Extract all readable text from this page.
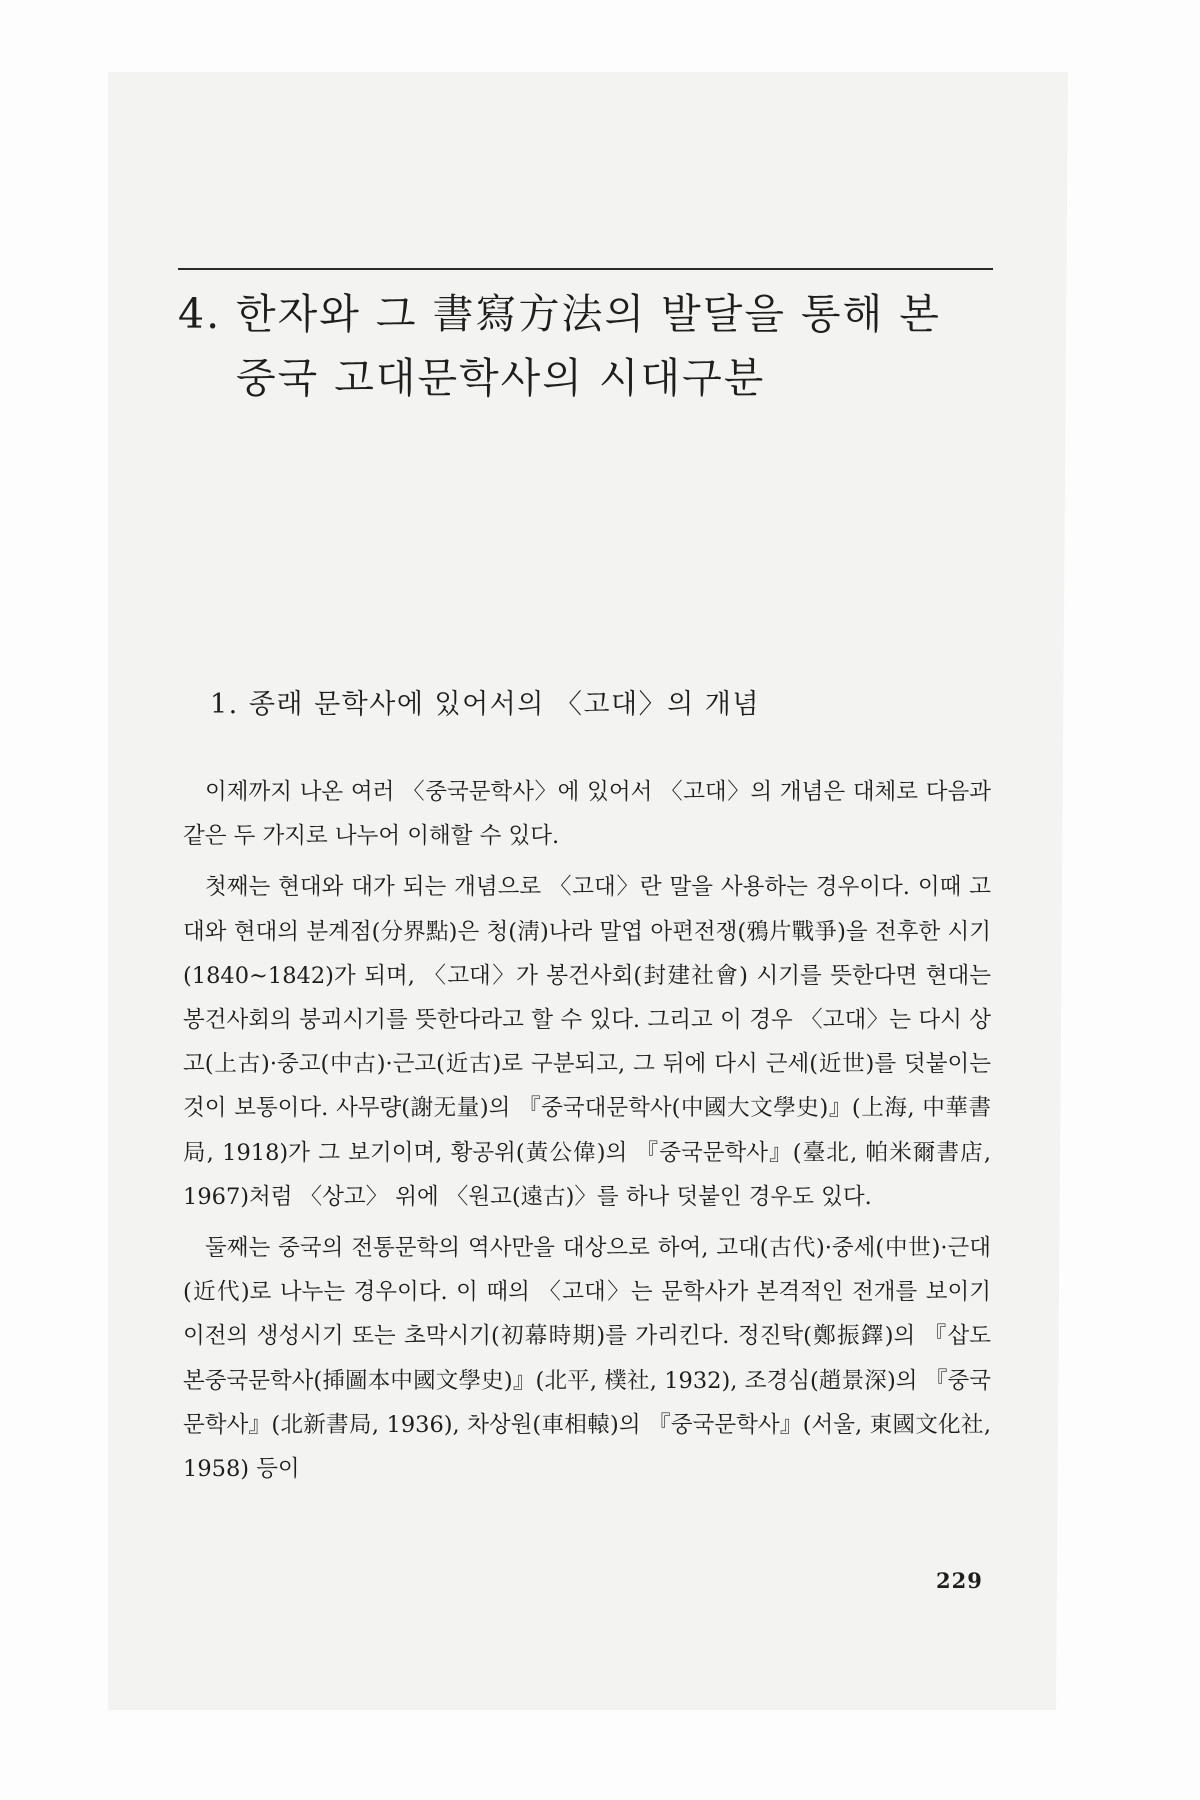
4. 한자와 그 書寫方法의 발달을 통해 본
중국 고대문학사의 시대구분
1. 종래 문학사에 있어서의 〈고대〉의 개념

이제까지 나온 여러 〈중국문학사〉에 있어서 〈고대〉의 개념은 대체로 다음과 같은 두 가지로 나누어 이해할 수 있다.

첫째는 현대와 대가 되는 개념으로 〈고대〉란 말을 사용하는 경우이다. 이때 고대와 현대의 분계점(分界點)은 청(淸)나라 말엽 아편전쟁(鴉片戰爭)을 전후한 시기(1840~1842)가 되며, 〈고대〉가 봉건사회(封建社會) 시기를 뜻한다면 현대는 봉건사회의 붕괴시기를 뜻한다라고 할 수 있다. 그리고 이 경우 〈고대〉는 다시 상고(上古)·중고(中古)·근고(近古)로 구분되고, 그 뒤에 다시 근세(近世)를 덧붙이는 것이 보통이다. 사무량(謝无量)의 『중국대문학사(中國大文學史)』(上海, 中華書局, 1918)가 그 보기이며, 황공위(黃公偉)의 『중국문학사』(臺北, 帕米爾書店, 1967)처럼 〈상고〉 위에 〈원고(遠古)〉를 하나 덧붙인 경우도 있다.

둘째는 중국의 전통문학의 역사만을 대상으로 하여, 고대(古代)·중세(中世)·근대(近代)로 나누는 경우이다. 이 때의 〈고대〉는 문학사가 본격적인 전개를 보이기 이전의 생성시기 또는 초막시기(初幕時期)를 가리킨다. 정진탁(鄭振鐸)의 『삽도본중국문학사(揷圖本中國文學史)』(北平, 樸社, 1932), 조경심(趙景深)의 『중국문학사』(北新書局, 1936), 차상원(車相轅)의 『중국문학사』(서울, 東國文化社, 1958) 등이

229
